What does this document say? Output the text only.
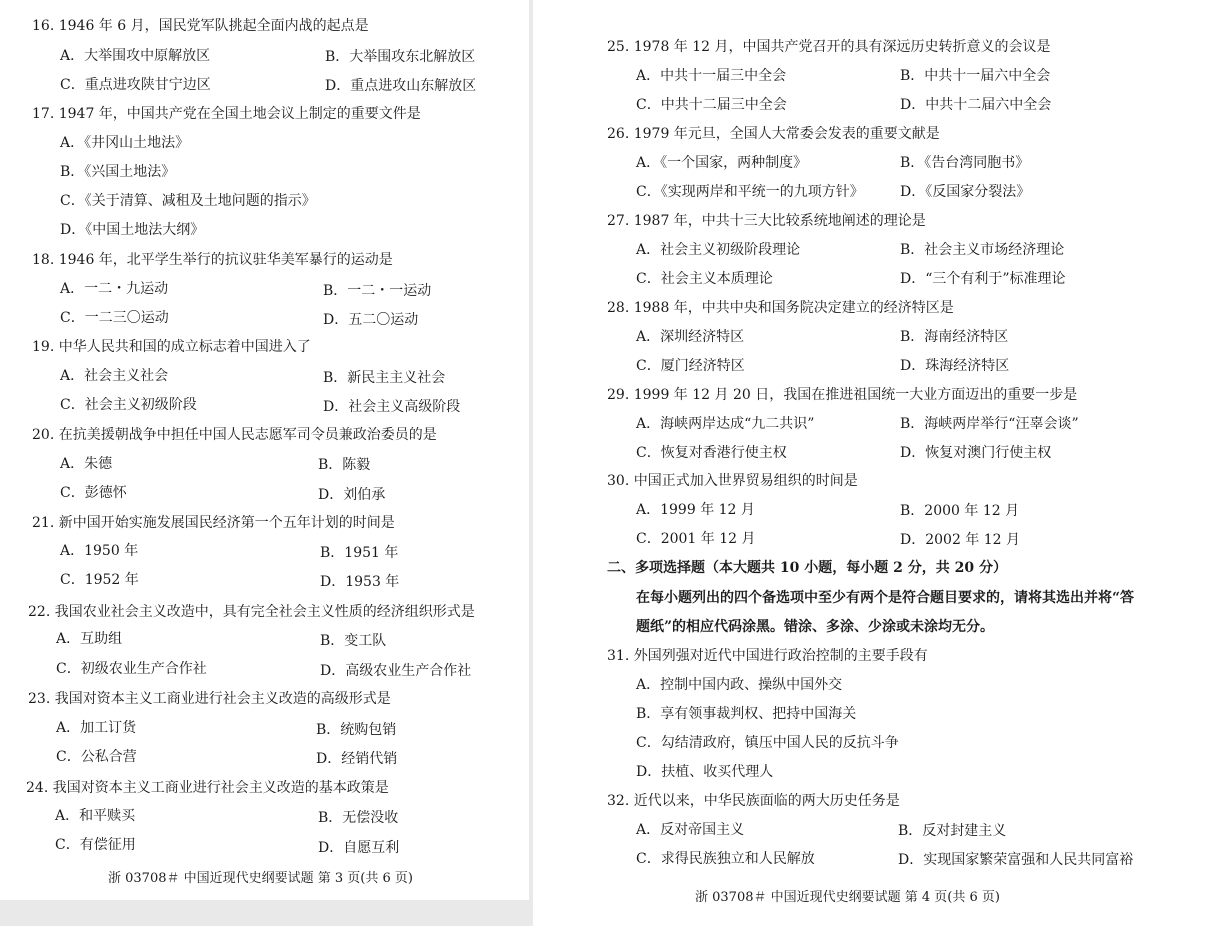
16. 1946 年 6 月，国民党军队挑起全面内战的起点是
A．大举围攻中原解放区	B．大举围攻东北解放区
C．重点进攻陕甘宁边区	D．重点进攻山东解放区
17. 1947 年，中国共产党在全国土地会议上制定的重要文件是
A．《井冈山土地法》
B．《兴国土地法》
C．《关于清算、减租及土地问题的指示》
D．《中国土地法大纲》
18. 1946 年，北平学生举行的抗议驻华美军暴行的运动是
A．一二・九运动	B．一二・一运动
C．一二三〇运动	D．五二〇运动
19. 中华人民共和国的成立标志着中国进入了
A．社会主义社会	B．新民主主义社会
C．社会主义初级阶段	D．社会主义高级阶段
20. 在抗美援朝战争中担任中国人民志愿军司令员兼政治委员的是
A．朱德	B．陈毅
C．彭德怀	D．刘伯承
21. 新中国开始实施发展国民经济第一个五年计划的时间是
A．1950 年	B．1951 年
C．1952 年	D．1953 年
22. 我国农业社会主义改造中，具有完全社会主义性质的经济组织形式是
A．互助组	B．变工队
C．初级农业生产合作社	D．高级农业生产合作社
23. 我国对资本主义工商业进行社会主义改造的高级形式是
A．加工订货	B．统购包销
C．公私合营	D．经销代销
24. 我国对资本主义工商业进行社会主义改造的基本政策是
A．和平赎买	B．无偿没收
C．有偿征用	D．自愿互利
浙 03708＃ 中国近现代史纲要试题 第 3 页(共 6 页)
25. 1978 年 12 月，中国共产党召开的具有深远历史转折意义的会议是
A．中共十一届三中全会	B．中共十一届六中全会
C．中共十二届三中全会	D．中共十二届六中全会
26. 1979 年元旦，全国人大常委会发表的重要文献是
A．《一个国家，两种制度》	B．《告台湾同胞书》
C．《实现两岸和平统一的九项方针》	D．《反国家分裂法》
27. 1987 年，中共十三大比较系统地阐述的理论是
A．社会主义初级阶段理论	B．社会主义市场经济理论
C．社会主义本质理论	D．“三个有利于”标准理论
28. 1988 年，中共中央和国务院决定建立的经济特区是
A．深圳经济特区	B．海南经济特区
C．厦门经济特区	D．珠海经济特区
29. 1999 年 12 月 20 日，我国在推进祖国统一大业方面迈出的重要一步是
A．海峡两岸达成“九二共识”	B．海峡两岸举行“汪辜会谈”
C．恢复对香港行使主权	D．恢复对澳门行使主权
30. 中国正式加入世界贸易组织的时间是
A．1999 年 12 月	B．2000 年 12 月
C．2001 年 12 月	D．2002 年 12 月
二、多项选择题（本大题共 10 小题，每小题 2 分，共 20 分）
在每小题列出的四个备选项中至少有两个是符合题目要求的，请将其选出并将“答
题纸”的相应代码涂黑。错涂、多涂、少涂或未涂均无分。
31. 外国列强对近代中国进行政治控制的主要手段有
A．控制中国内政、操纵中国外交
B．享有领事裁判权、把持中国海关
C．勾结清政府，镇压中国人民的反抗斗争
D．扶植、收买代理人
32. 近代以来，中华民族面临的两大历史任务是
A．反对帝国主义	B．反对封建主义
C．求得民族独立和人民解放	D．实现国家繁荣富强和人民共同富裕
浙 03708＃ 中国近现代史纲要试题 第 4 页(共 6 页)
